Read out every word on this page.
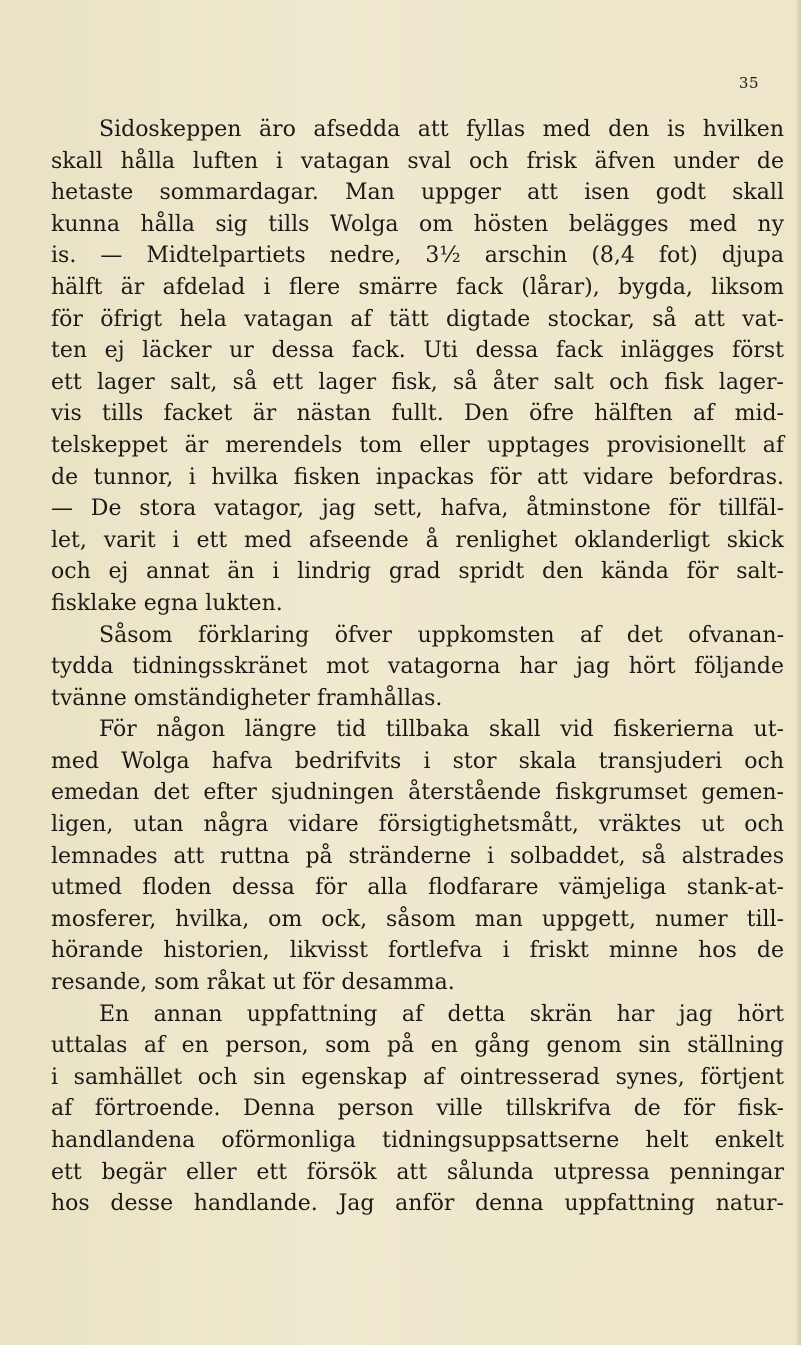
35
Sidoskeppen äro afsedda att fyllas med den is hvilken
skall hålla luften i vatagan sval och frisk äfven under de
hetaste sommardagar. Man uppger att isen godt skall
kunna hålla sig tills Wolga om hösten belägges med ny
is. — Midtelpartiets nedre, 3½ arschin (8,4 fot) djupa
hälft är afdelad i flere smärre fack (lårar), bygda, liksom
för öfrigt hela vatagan af tätt digtade stockar, så att vat-
ten ej läcker ur dessa fack. Uti dessa fack inlägges först
ett lager salt, så ett lager fisk, så åter salt och fisk lager-
vis tills facket är nästan fullt. Den öfre hälften af mid-
telskeppet är merendels tom eller upptages provisionellt af
de tunnor, i hvilka fisken inpackas för att vidare befordras.
— De stora vatagor, jag sett, hafva, åtminstone för tillfäl-
let, varit i ett med afseende å renlighet oklanderligt skick
och ej annat än i lindrig grad spridt den kända för salt-
fisklake egna lukten.
Såsom förklaring öfver uppkomsten af det ofvanan-
tydda tidningsskränet mot vatagorna har jag hört följande
tvänne omständigheter framhållas.
För någon längre tid tillbaka skall vid fiskerierna ut-
med Wolga hafva bedrifvits i stor skala transjuderi och
emedan det efter sjudningen återstående fiskgrumset gemen-
ligen, utan några vidare försigtighetsmått, vräktes ut och
lemnades att ruttna på stränderne i solbaddet, så alstrades
utmed floden dessa för alla flodfarare vämjeliga stank-at-
mosferer, hvilka, om ock, såsom man uppgett, numer till-
hörande historien, likvisst fortlefva i friskt minne hos de
resande, som råkat ut för desamma.
En annan uppfattning af detta skrän har jag hört
uttalas af en person, som på en gång genom sin ställning
i samhället och sin egenskap af ointresserad synes, förtjent
af förtroende. Denna person ville tillskrifva de för fisk-
handlandena oförmonliga tidningsuppsattserne helt enkelt
ett begär eller ett försök att sålunda utpressa penningar
hos desse handlande. Jag anför denna uppfattning natur-
